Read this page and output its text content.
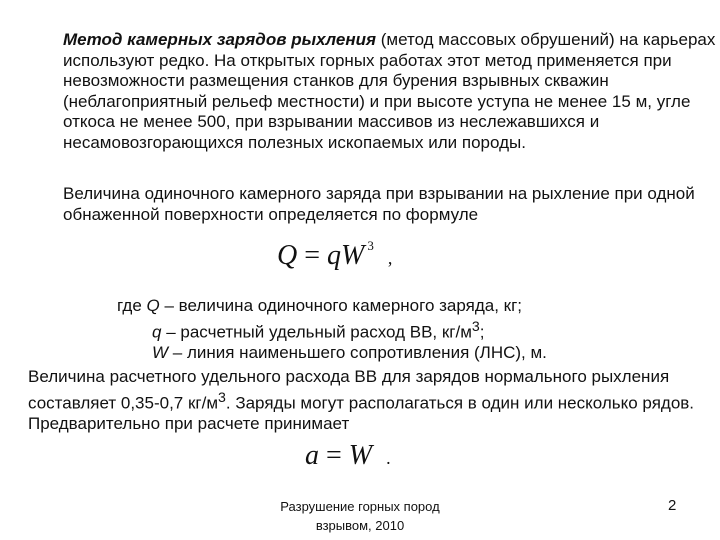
Метод камерных зарядов рыхления (метод массовых обрушений) на карьерах используют редко. На открытых горных работах этот метод применяется при невозможности размещения станков для бурения взрывных скважин (неблагоприятный рельеф местности) и при высоте уступа не менее 15 м, угле откоса не менее 500, при взрывании массивов из неслежавшихся и несамовозгорающихся полезных ископаемых или породы.
Величина одиночного камерного заряда при взрывании на рыхление при одной обнаженной поверхности определяется по формуле
Q = qW $^3$,
где Q – величина одиночного камерного заряда, кг;
q – расчетный удельный расход ВВ, $кг/м^3$;
W – линия наименьшего сопротивления (ЛНС), м.
Величина расчетного удельного расхода ВВ для зарядов нормального рыхления составляет 0,35-0,7 $кг/м^3$. Заряды могут располагаться в один или несколько рядов. Предварительно при расчете принимает
a = W .
Разрушение горных пород
взрывом, 2010
2
